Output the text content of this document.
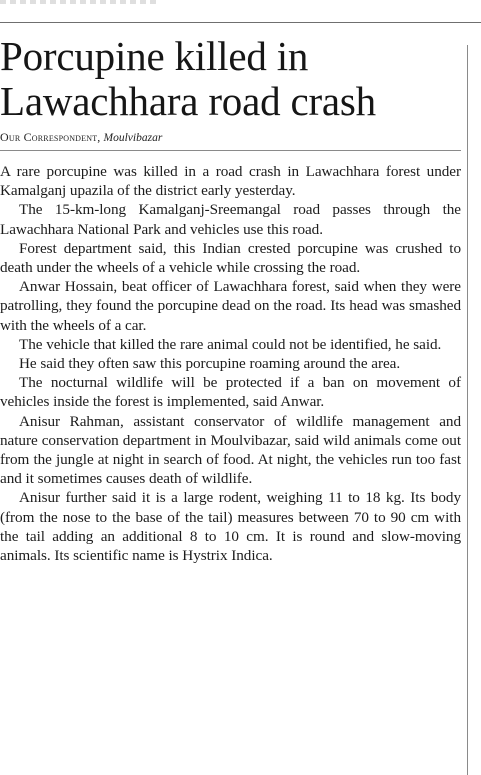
Porcupine killed in
Lawachhara road crash
Our Correspondent, Moulvibazar

A rare porcupine was killed in a road crash in Lawachhara forest under Kamalganj upazila of the district early yesterday.

The 15-km-long Kamalganj-Sreemangal road passes through the Lawachhara National Park and vehicles use this road.

Forest department said, this Indian crested porcupine was crushed to death under the wheels of a vehicle while crossing the road.

Anwar Hossain, beat officer of Lawachhara forest, said when they were patrolling, they found the porcupine dead on the road. Its head was smashed with the wheels of a car.

The vehicle that killed the rare animal could not be identified, he said.

He said they often saw this porcupine roaming around the area.

The nocturnal wildlife will be protected if a ban on movement of vehicles inside the forest is implemented, said Anwar.

Anisur Rahman, assistant conservator of wildlife management and nature conservation department in Moulvibazar, said wild animals come out from the jungle at night in search of food. At night, the vehicles run too fast and it sometimes causes death of wildlife.

Anisur further said it is a large rodent, weighing 11 to 18 kg. Its body (from the nose to the base of the tail) measures between 70 to 90 cm with the tail adding an additional 8 to 10 cm. It is round and slow-moving animals. Its scientific name is Hystrix Indica.
